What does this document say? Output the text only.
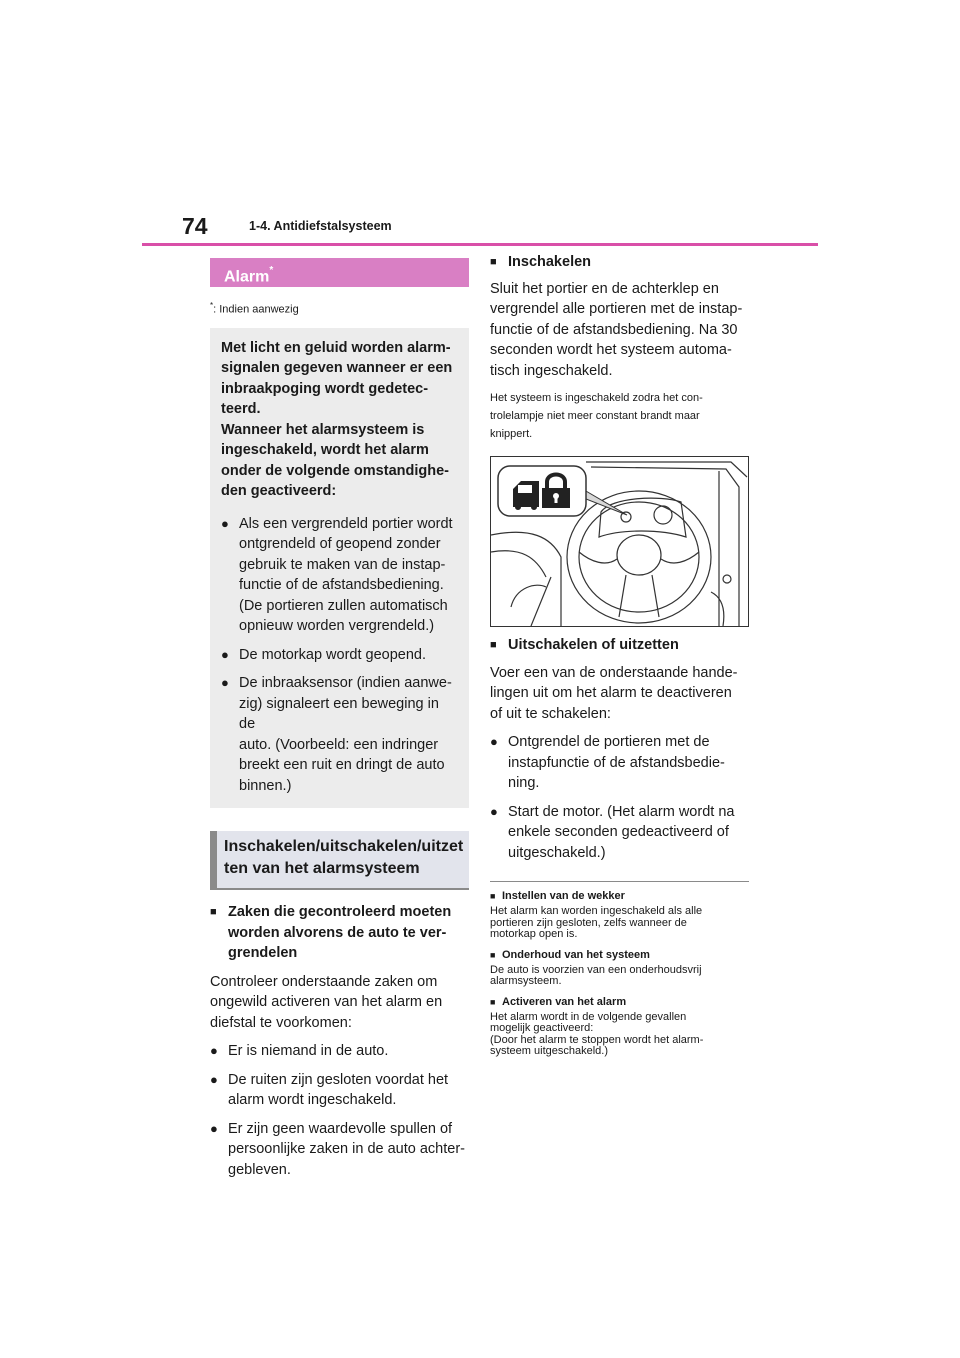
74	1-4. Antidiefstalsysteem
Alarm*

*: Indien aanwezig

Met licht en geluid worden alarm-
signalen gegeven wanneer er een
inbraakpoging wordt gedetec-
teerd.
Wanneer het alarmsysteem is
ingeschakeld, wordt het alarm
onder de volgende omstandighe-
den geactiveerd:

● Als een vergrendeld portier wordt
ontgrendeld of geopend zonder
gebruik te maken van de instap-
functie of de afstandsbediening.
(De portieren zullen automatisch
opnieuw worden vergrendeld.)
● De motorkap wordt geopend.
● De inbraaksensor (indien aanwe-
zig) signaleert een beweging in de
auto. (Voorbeeld: een indringer
breekt een ruit en dringt de auto
binnen.)
Inschakelen/uitschakelen/uitzet
ten van het alarmsysteem

■ Zaken die gecontroleerd moeten
worden alvorens de auto te ver-
grendelen

Controleer onderstaande zaken om
ongewild activeren van het alarm en
diefstal te voorkomen:

● Er is niemand in de auto.
● De ruiten zijn gesloten voordat het
alarm wordt ingeschakeld.
● Er zijn geen waardevolle spullen of
persoonlijke zaken in de auto achter-
gebleven.

■ Inschakelen

Sluit het portier en de achterklep en
vergrendel alle portieren met de instap-
functie of de afstandsbediening. Na 30
seconden wordt het systeem automa-
tisch ingeschakeld.

Het systeem is ingeschakeld zodra het con-
trolelampje niet meer constant brandt maar
knippert.

■ Uitschakelen of uitzetten

Voer een van de onderstaande hande-
lingen uit om het alarm te deactiveren
of uit te schakelen:

● Ontgrendel de portieren met de
instapfunctie of de afstandsbedie-
ning.
● Start de motor. (Het alarm wordt na
enkele seconden gedeactiveerd of
uitgeschakeld.)

■ Instellen van de wekker

Het alarm kan worden ingeschakeld als alle
portieren zijn gesloten, zelfs wanneer de
motorkap open is.

■ Onderhoud van het systeem

De auto is voorzien van een onderhoudsvrij
alarmsysteem.

■ Activeren van het alarm

Het alarm wordt in de volgende gevallen
mogelijk geactiveerd:
(Door het alarm te stoppen wordt het alarm-
systeem uitgeschakeld.)
